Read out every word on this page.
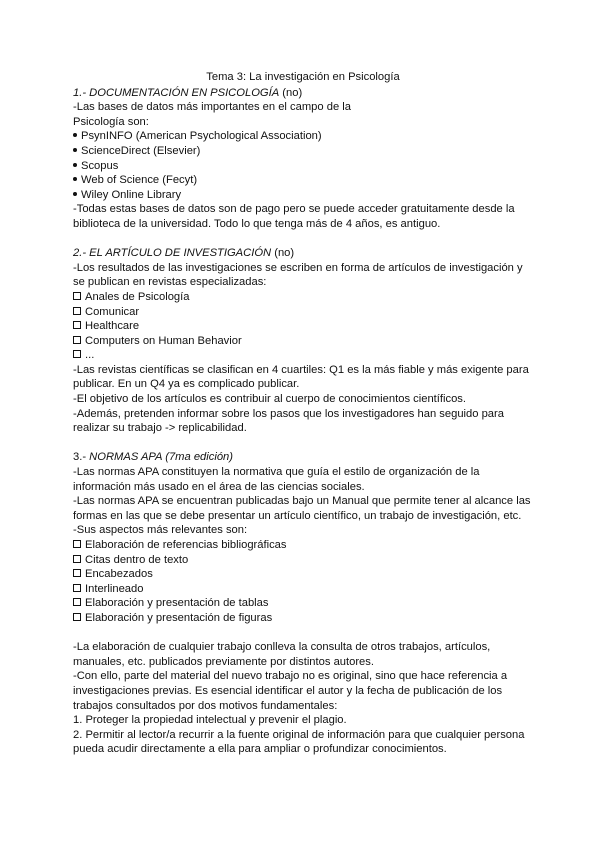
Tema 3: La investigación en Psicología
1.- DOCUMENTACIÓN EN PSICOLOGÍA (no)
-Las bases de datos más importantes en el campo de la
Psicología son:
PsynINFO (American Psychological Association)
ScienceDirect (Elsevier)
Scopus
Web of Science (Fecyt)
Wiley Online Library
-Todas estas bases de datos son de pago pero se puede acceder gratuitamente desde la
biblioteca de la universidad. Todo lo que tenga más de 4 años, es antiguo.
2.- EL ARTÍCULO DE INVESTIGACIÓN (no)
-Los resultados de las investigaciones se escriben en forma de artículos de investigación y
se publican en revistas especializadas:
Anales de Psicología
Comunicar
Healthcare
Computers on Human Behavior
...
-Las revistas científicas se clasifican en 4 cuartiles: Q1 es la más fiable y más exigente para
publicar. En un Q4 ya es complicado publicar.
-El objetivo de los artículos es contribuir al cuerpo de conocimientos científicos.
-Además, pretenden informar sobre los pasos que los investigadores han seguido para
realizar su trabajo -> replicabilidad.
3.- NORMAS APA (7ma edición)
-Las normas APA constituyen la normativa que guía el estilo de organización de la
información más usado en el área de las ciencias sociales.
-Las normas APA se encuentran publicadas bajo un Manual que permite tener al alcance las
formas en las que se debe presentar un artículo científico, un trabajo de investigación, etc.
-Sus aspectos más relevantes son:
Elaboración de referencias bibliográficas
Citas dentro de texto
Encabezados
Interlineado
Elaboración y presentación de tablas
Elaboración y presentación de figuras
-La elaboración de cualquier trabajo conlleva la consulta de otros trabajos, artículos,
manuales, etc. publicados previamente por distintos autores.
-Con ello, parte del material del nuevo trabajo no es original, sino que hace referencia a
investigaciones previas. Es esencial identificar el autor y la fecha de publicación de los
trabajos consultados por dos motivos fundamentales:
1. Proteger la propiedad intelectual y prevenir el plagio.
2. Permitir al lector/a recurrir a la fuente original de información para que cualquier persona
pueda acudir directamente a ella para ampliar o profundizar conocimientos.
